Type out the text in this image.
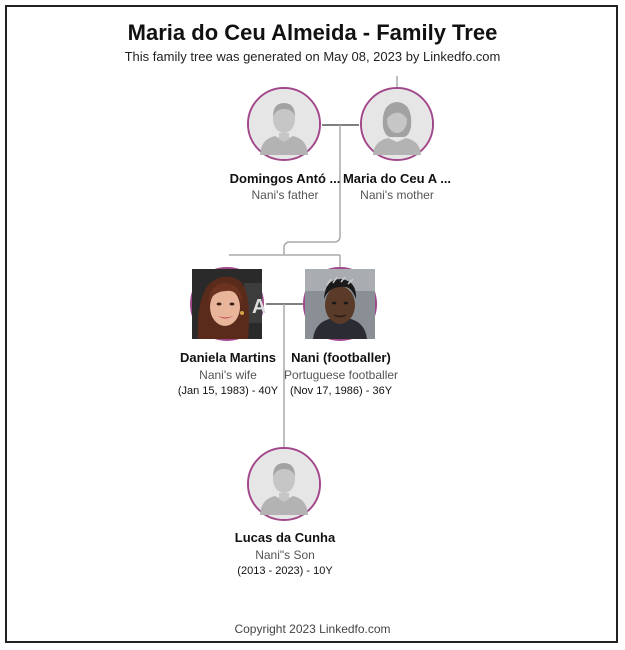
Maria do Ceu Almeida - Family Tree
This family tree was generated on May 08, 2023 by Linkedfo.com
Domingos Antó ...
Nani's father
Maria do Ceu A ...
Nani's mother
A
Daniela Martins
Nani's wife
(Jan 15, 1983) - 40Y
Nani (footballer)
Portuguese footballer
(Nov 17, 1986) - 36Y
Lucas da Cunha
Nani"s Son
(2013 - 2023) - 10Y
Copyright 2023 Linkedfo.com
